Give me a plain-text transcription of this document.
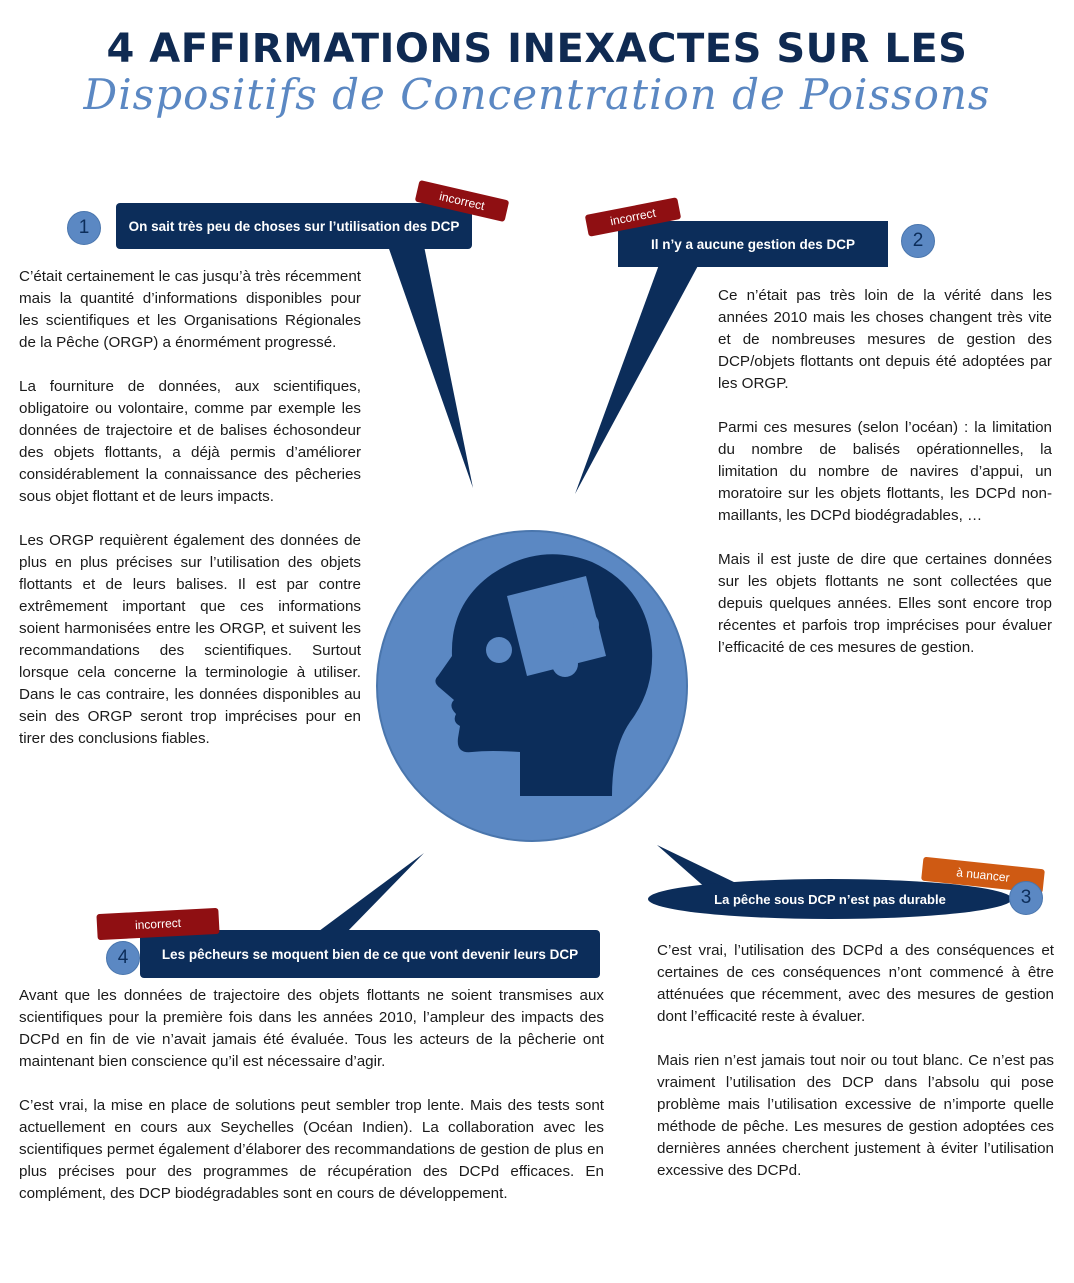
4 AFFIRMATIONS INEXACTES SUR LES
Dispositifs de Concentration de Poissons
On sait très peu de choses sur l’utilisation des DCP
incorrect
1

C’était certainement le cas jusqu’à très récemment mais la quantité d’informations disponibles pour les scientifiques et les Organisations Régionales de la Pêche (ORGP) a énormément progressé.

La fourniture de données, aux scientifiques, obligatoire ou volontaire, comme par exemple les données de trajectoire et de balises échosondeur des objets flottants, a déjà permis d’améliorer considérablement la connaissance des pêcheries sous objet flottant et de leurs impacts.

Les ORGP requièrent également des données de plus en plus précises sur l’utilisation des objets flottants et de leurs balises. Il est par contre extrêmement important que ces informations soient harmonisées entre les ORGP, et suivent les recommandations des scientifiques. Surtout lorsque cela concerne la terminologie à utiliser. Dans le cas contraire, les données disponibles au sein des ORGP seront trop imprécises pour en tirer des conclusions fiables.

Il n’y a aucune gestion des DCP
incorrect
2

Ce n’était pas très loin de la vérité dans les années 2010 mais les choses changent très vite et de nombreuses mesures de gestion des DCP/objets flottants ont depuis été adoptées par les ORGP.

Parmi ces mesures (selon l’océan) : la limitation du nombre de balisés opérationnelles, la limitation du nombre de navires d’appui, un moratoire sur les objets flottants, les DCPd non-maillants, les DCPd biodégradables, …

Mais il est juste de dire que certaines données sur les objets flottants ne sont collectées que depuis quelques années. Elles sont encore trop récentes et parfois trop imprécises pour évaluer l’efficacité de ces mesures de gestion.

La pêche sous DCP n’est pas durable
à nuancer
3

C’est vrai, l’utilisation des DCPd a des conséquences et certaines de ces conséquences n’ont commencé à être atténuées que récemment, avec des mesures de gestion dont l’efficacité reste à évaluer.

Mais rien n’est jamais tout noir ou tout blanc. Ce n’est pas vraiment l’utilisation des DCP dans l’absolu qui pose problème mais l’utilisation excessive de n’importe quelle méthode de pêche. Les mesures de gestion adoptées ces dernières années cherchent justement à éviter l’utilisation excessive des DCPd.

Les pêcheurs se moquent bien de ce que vont devenir leurs DCP
incorrect
4

Avant que les données de trajectoire des objets flottants ne soient transmises aux scientifiques pour la première fois dans les années 2010, l’ampleur des impacts des DCPd en fin de vie n’avait jamais été évaluée. Tous les acteurs de la pêcherie ont maintenant bien conscience qu’il est nécessaire d’agir.

C’est vrai, la mise en place de solutions peut sembler trop lente. Mais des tests sont actuellement en cours aux Seychelles (Océan Indien). La collaboration avec les scientifiques permet également d’élaborer des recommandations de gestion de plus en plus précises pour des programmes de récupération des DCPd efficaces. En complément, des DCP biodégradables sont en cours de développement.
